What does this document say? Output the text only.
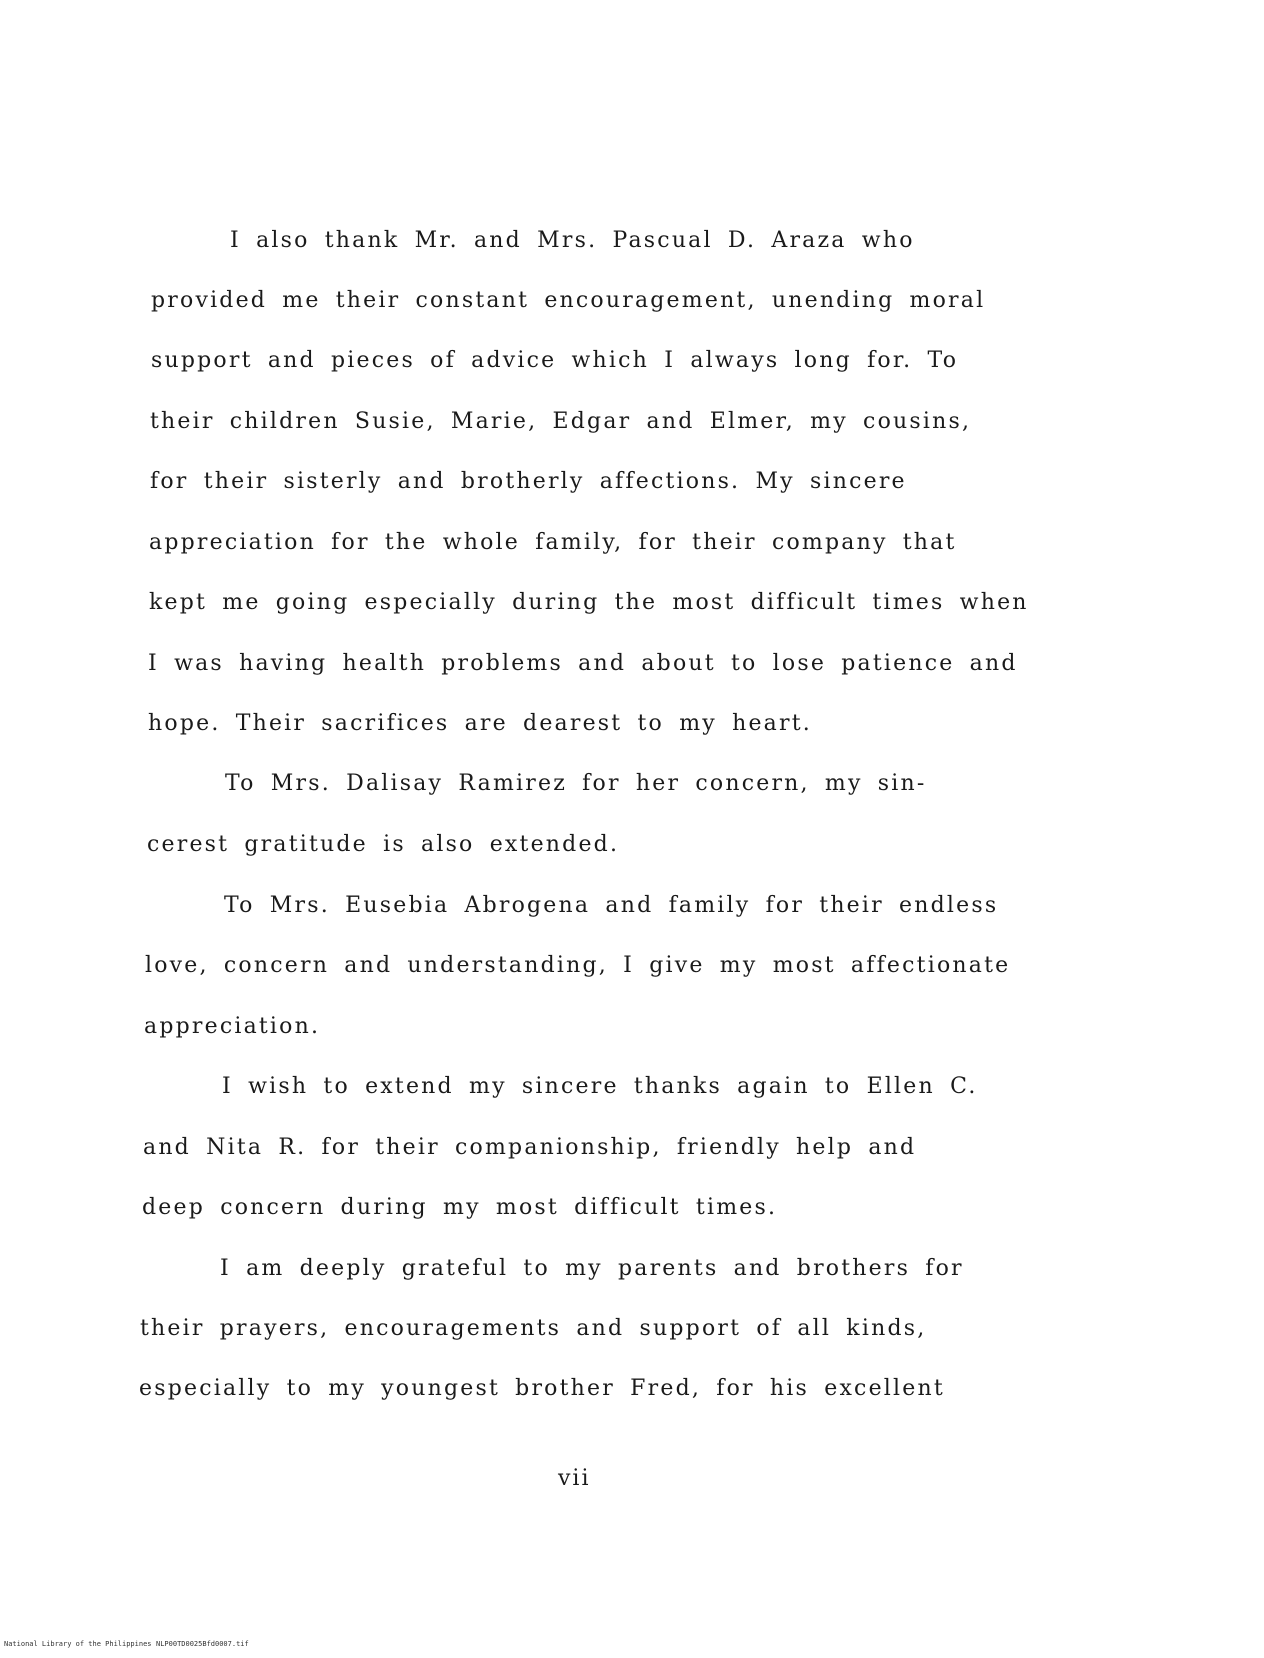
I also thank Mr. and Mrs. Pascual D. Araza who
provided me their constant encouragement, unending moral
support and pieces of advice which I always long for. To
their children Susie, Marie, Edgar and Elmer, my cousins,
for their sisterly and brotherly affections. My sincere
appreciation for the whole family, for their company that
kept me going especially during the most difficult times when
I was having health problems and about to lose patience and
hope. Their sacrifices are dearest to my heart.
To Mrs. Dalisay Ramirez for her concern, my sin-
cerest gratitude is also extended.
To Mrs. Eusebia Abrogena and family for their endless
love, concern and understanding, I give my most affectionate
appreciation.
I wish to extend my sincere thanks again to Ellen C.
and Nita R. for their companionship, friendly help and
deep concern during my most difficult times.
I am deeply grateful to my parents and brothers for
their prayers, encouragements and support of all kinds,
especially to my youngest brother Fred, for his excellent
vii
National Library of the Philippines NLP00TD0025Bfd0007.tif
